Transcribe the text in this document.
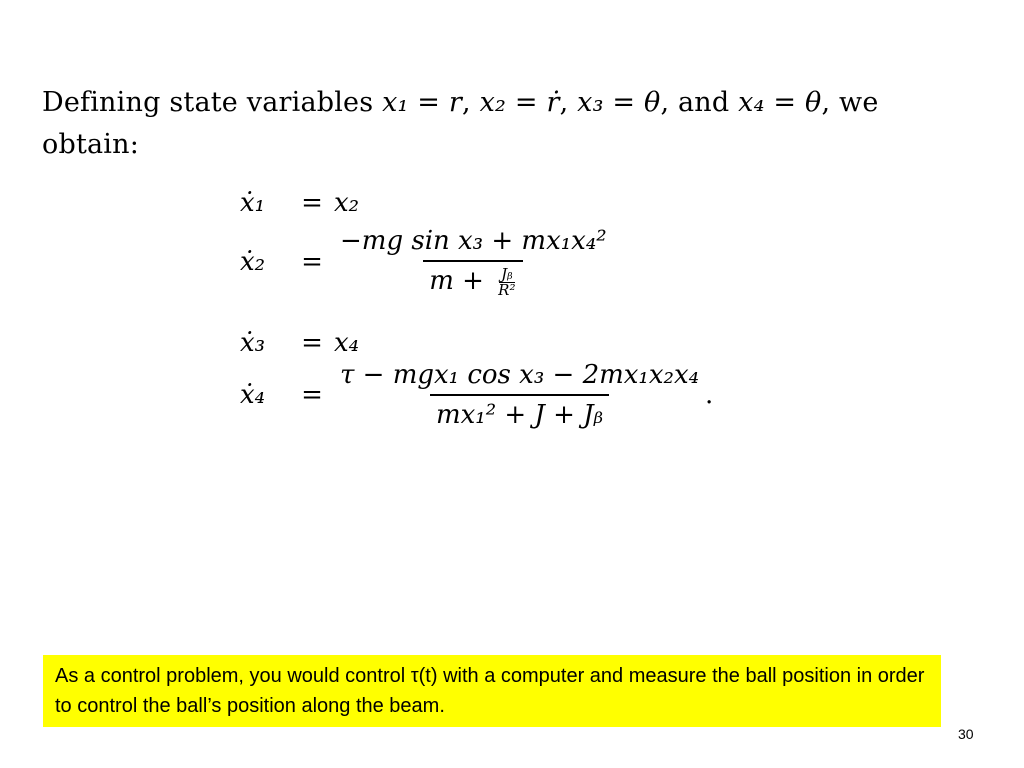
Defining state variables x₁ = r, x₂ = ṙ, x₃ = θ, and x₄ = θ, we obtain:
ẋ₁	= x₂
ẋ₂	= $\frac{\text{−mg sin x₃ + mx₁x₄²}}{m + \frac{\text{Jᵦ}}{\text{R²}}}$
ẋ₃	= x₄
ẋ₄	= $\frac{\text{τ − mgx₁ cos x₃ − 2mx₁x₂x₄}}{\text{mx₁² + J + Jᵦ}}$ .
As a control problem, you would control τ(t) with a computer and measure the ball position in order to control the ball’s position along the beam.
30
